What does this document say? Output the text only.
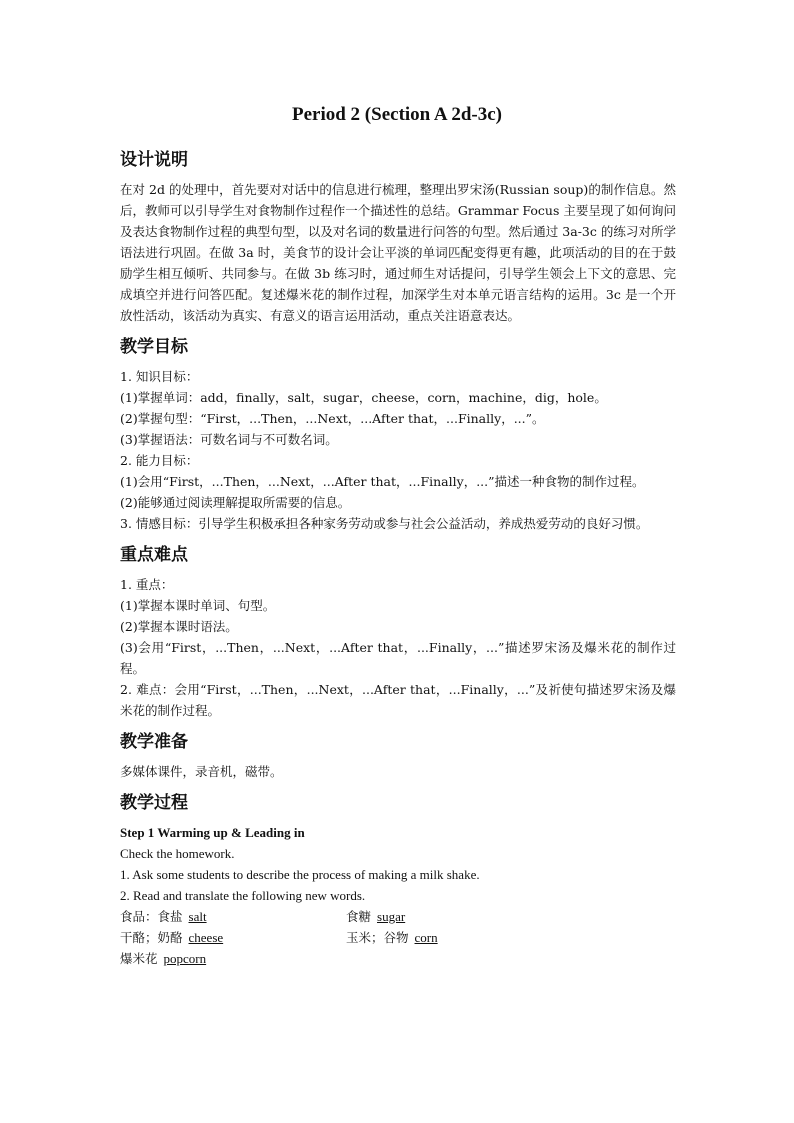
Period 2 (Section A 2d-3c)
设计说明

在对 2d 的处理中，首先要对对话中的信息进行梳理，整理出罗宋汤(Russian soup)的制作信息。然后，教师可以引导学生对食物制作过程作一个描述性的总结。Grammar Focus 主要呈现了如何询问及表达食物制作过程的典型句型，以及对名词的数量进行问答的句型。然后通过 3a-3c 的练习对所学语法进行巩固。在做 3a 时，美食节的设计会让平淡的单词匹配变得更有趣，此项活动的目的在于鼓励学生相互倾听、共同参与。在做 3b 练习时，通过师生对话提问，引导学生领会上下文的意思、完成填空并进行问答匹配。复述爆米花的制作过程，加深学生对本单元语言结构的运用。3c 是一个开放性活动，该活动为真实、有意义的语言运用活动，重点关注语意表达。

教学目标

1. 知识目标：

(1)掌握单词：add，finally，salt，sugar，cheese，corn，machine，dig，hole。

(2)掌握句型：“First，...Then，...Next，...After that，...Finally，...”。

(3)掌握语法：可数名词与不可数名词。

2. 能力目标：

(1)会用“First，...Then，...Next，...After that，...Finally，...”描述一种食物的制作过程。

(2)能够通过阅读理解提取所需要的信息。

3. 情感目标：引导学生积极承担各种家务劳动或参与社会公益活动，养成热爱劳动的良好习惯。

重点难点

1. 重点：

(1)掌握本课时单词、句型。

(2)掌握本课时语法。

(3)会用“First，...Then，...Next，...After that，...Finally，...”描述罗宋汤及爆米花的制作过程。

2. 难点：会用“First，...Then，...Next，...After that，...Finally，...”及祈使句描述罗宋汤及爆米花的制作过程。

教学准备

多媒体课件，录音机，磁带。

教学过程

Step 1 Warming up & Leading in

Check the homework.

1. Ask some students to describe the process of making a milk shake.

2. Read and translate the following new words.

食品：食盐 salt	食糖 sugar
干酪；奶酪 cheese	玉米；谷物 corn
爆米花 popcorn
